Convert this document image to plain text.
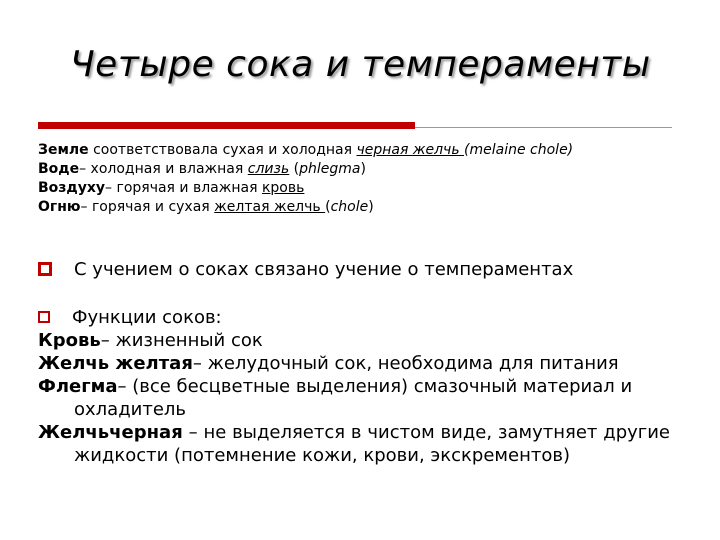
Четыре сока и темпераменты

Земле соответствовала сухая и холодная черная желчь (melaine chole)

Воде– холодная и влажная слизь (phlegma)

Воздуху– горячая и влажная кровь

Огню– горячая и сухая желтая желчь (chole)

С учением о соках связано учение о темпераментах

Функции соков:

Кровь– жизненный сок

Желчь желтая– желудочный сок, необходима для питания

Флегма– (все бесцветные выделения) смазочный материал и охладитель

Желчьчерная – не выделяется в чистом виде, замутняет другие жидкости (потемнение кожи, крови, экскрементов)
